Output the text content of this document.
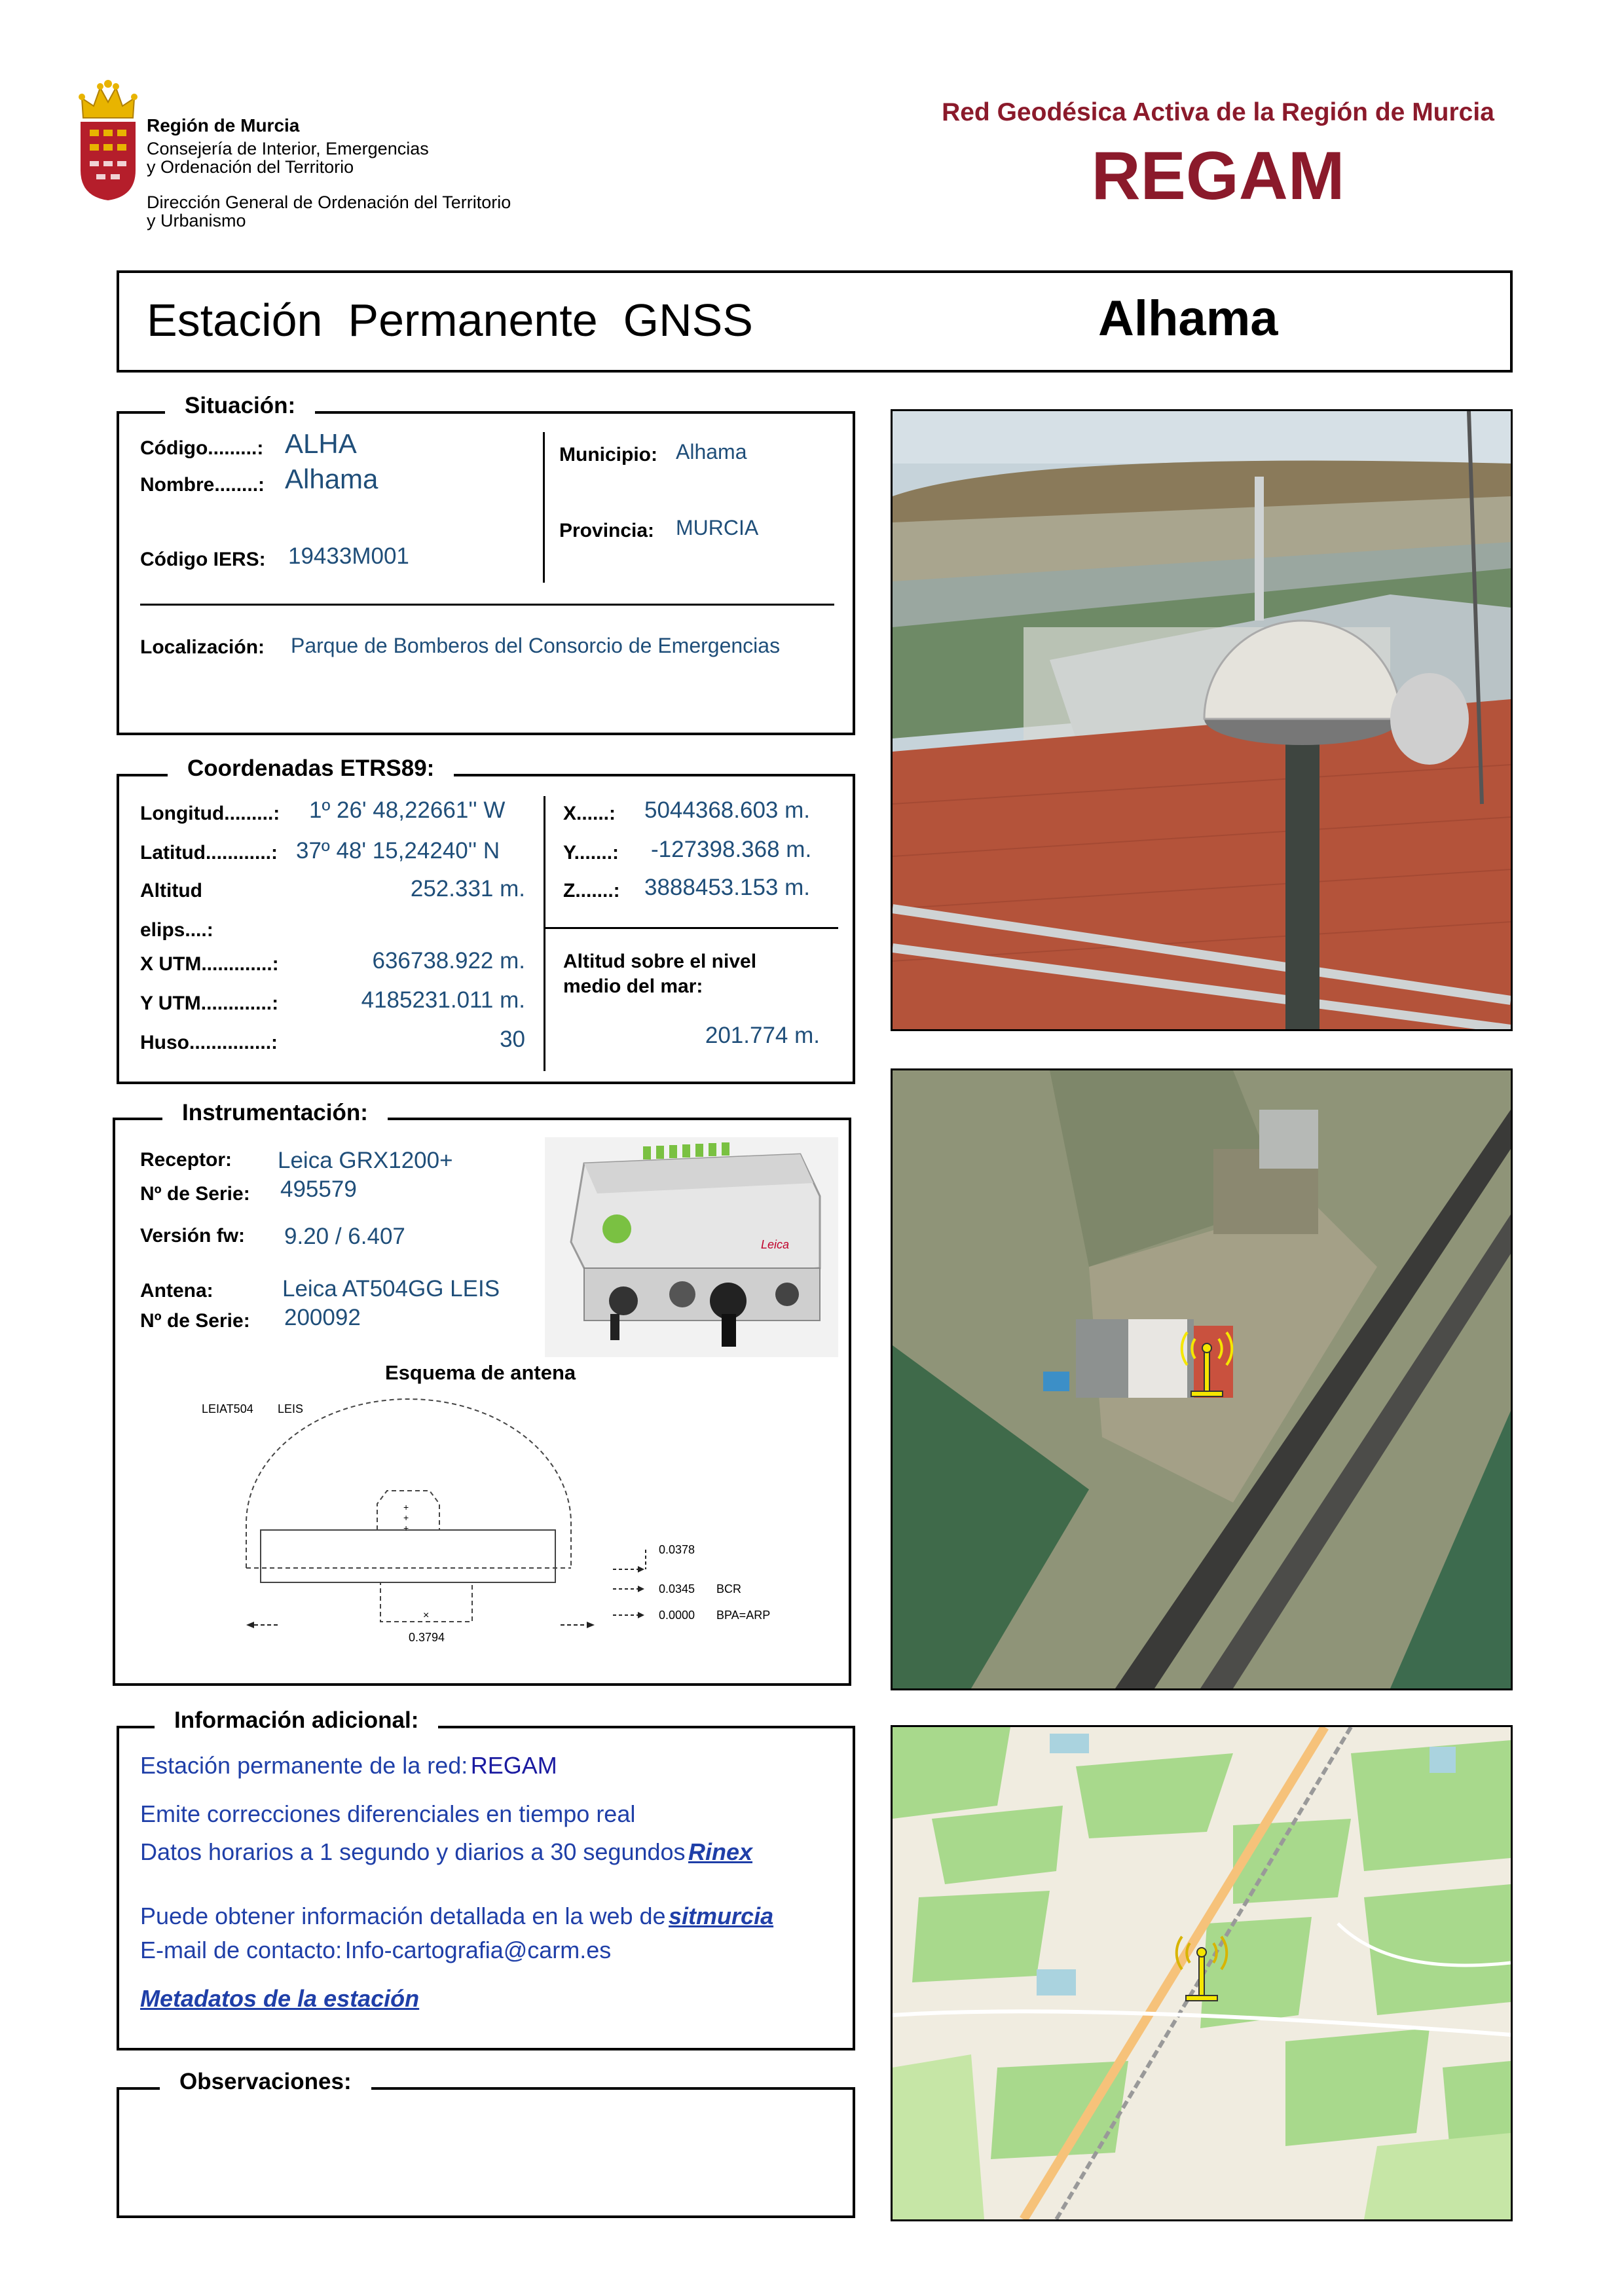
Región de Murcia
Consejería de Interior, Emergencias
y Ordenación del Territorio
Dirección General de Ordenación del Territorio
y Urbanismo
Red Geodésica Activa de la Región de Murcia
REGAM
Estación  Permanente  GNSS	Alhama
Código.........: ALHA
Nombre........: Alhama
Código IERS: 19433M001
Municipio: Alhama
Provincia: MURCIA
Localización: Parque de Bomberos del Consorcio de Emergencias
Situación:
Longitud.........: 1º 26' 48,22661'' W
Latitud............: 37º 48' 15,24240'' N
Altitud
elips....:
252.331 m.
X UTM.............:	636738.922 m.
Y UTM.............:	4185231.011 m.
Huso...............:	30
X......: 5044368.603 m.
Y.......: -127398.368 m.
Z.......: 3888453.153 m.
Altitud sobre el nivel
medio del mar:
201.774 m.
Coordenadas ETRS89:
Receptor: Leica GRX1200+
Nº de Serie: 495579
Versión fw: 9.20 / 6.407
Antena:	Leica AT504GG LEIS
Nº de Serie: 200092
Leica
Esquema de antena
LEIAT504 LEIS
+
+
+
×
0.3794
0.0378
0.0345 BCR
0.0000 BPA=ARP
Instrumentación:
Estación permanente de la red: REGAM
Emite correcciones diferenciales en tiempo real
Datos horarios a 1 segundo y diarios a 30 segundos Rinex
Puede obtener información detallada en la web de sitmurcia
E-mail de contacto: Info-cartografia@carm.es
Metadatos de la estación
Información adicional:
Observaciones:
